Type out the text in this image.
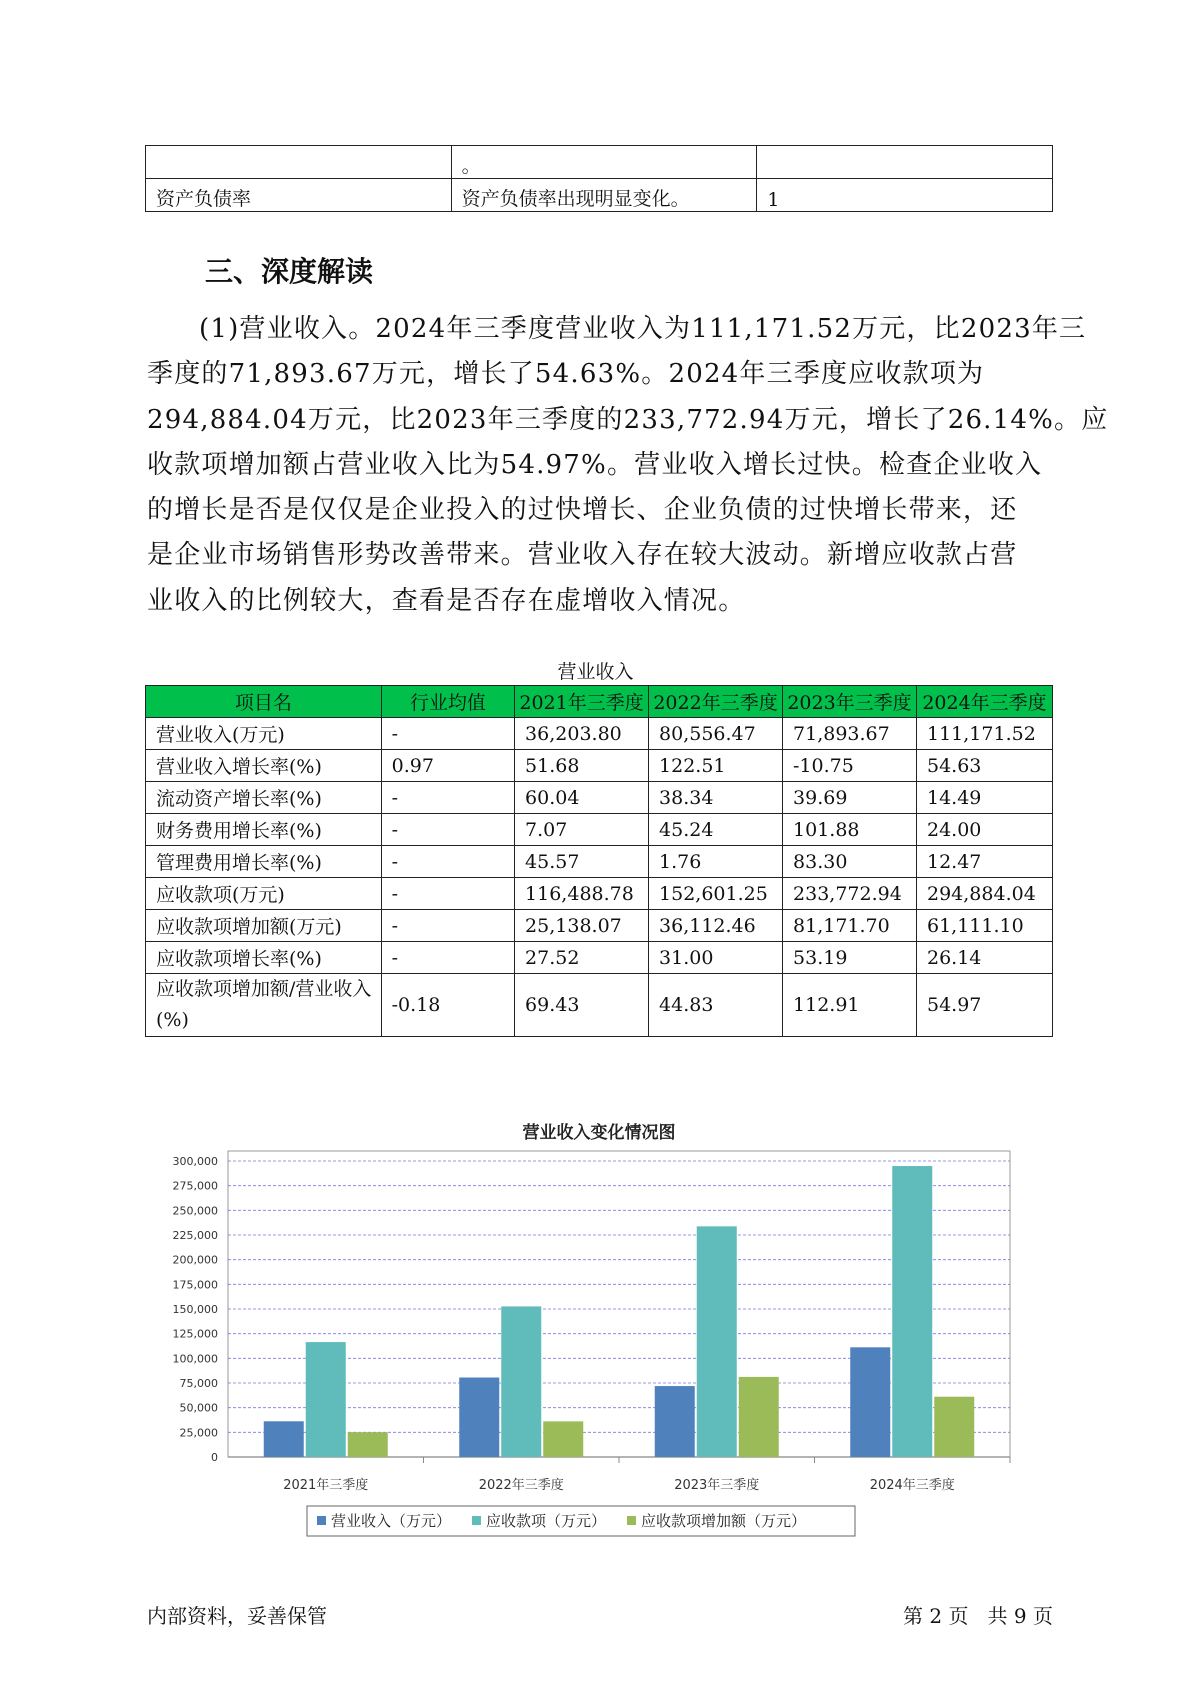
	。	
资产负债率	资产负债率出现明显变化。	1
三、深度解读
(1)营业收入。2024年三季度营业收入为111,171.52万元，比2023年三
季度的71,893.67万元，增长了54.63%。2024年三季度应收款项为
294,884.04万元，比2023年三季度的233,772.94万元，增长了26.14%。应
收款项增加额占营业收入比为54.97%。营业收入增长过快。检查企业收入
的增长是否是仅仅是企业投入的过快增长、企业负债的过快增长带来，还
是企业市场销售形势改善带来。营业收入存在较大波动。新增应收款占营
业收入的比例较大，查看是否存在虚增收入情况。
营业收入
项目名	行业均值	2021年三季度	2022年三季度	2023年三季度	2024年三季度
营业收入(万元)	-	36,203.80	80,556.47	71,893.67	111,171.52
营业收入增长率(%)	0.97	51.68	122.51	-10.75	54.63
流动资产增长率(%)	-	60.04	38.34	39.69	14.49
财务费用增长率(%)	-	7.07	45.24	101.88	24.00
管理费用增长率(%)	-	45.57	1.76	83.30	12.47
应收款项(万元)	-	116,488.78	152,601.25	233,772.94	294,884.04
应收款项增加额(万元)	-	25,138.07	36,112.46	81,171.70	61,111.10
应收款项增长率(%)	-	27.52	31.00	53.19	26.14
应收款项增加额/营业收入(%)	-0.18	69.43	44.83	112.91	54.97
营业收入变化情况图
0
25,000
50,000
75,000
100,000
125,000
150,000
175,000
200,000
225,000
250,000
275,000
300,000
2021年三季度	2022年三季度	2023年三季度	2024年三季度
营业收入（万元） 应收款项（万元） 应收款项增加额（万元）
内部资料，妥善保管	第 2 页   共 9 页
